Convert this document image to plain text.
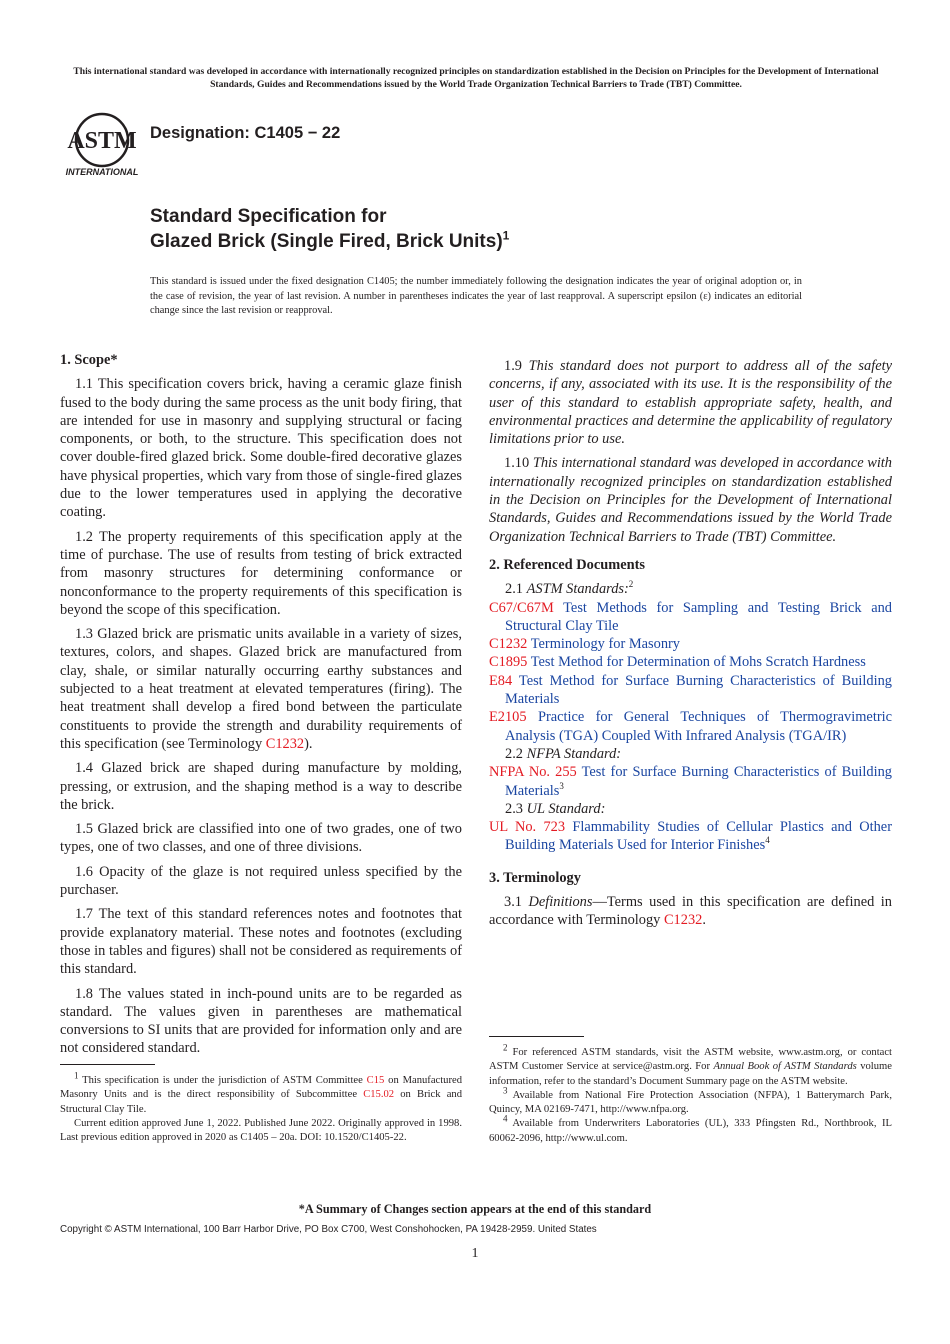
This international standard was developed in accordance with internationally recognized principles on standardization established in the Decision on Principles for the Development of International Standards, Guides and Recommendations issued by the World Trade Organization Technical Barriers to Trade (TBT) Committee.
ASTM
INTERNATIONAL
Designation: C1405 − 22
Standard Specification for
Glazed Brick (Single Fired, Brick Units)$^1$
This standard is issued under the fixed designation C1405; the number immediately following the designation indicates the year of original adoption or, in the case of revision, the year of last revision. A number in parentheses indicates the year of last reapproval. A superscript epsilon (ε) indicates an editorial change since the last revision or reapproval.
1. Scope*

1.1 This specification covers brick, having a ceramic glaze finish fused to the body during the same process as the unit body firing, that are intended for use in masonry and supplying structural or facing components, or both, to the structure. This specification does not cover double-fired glazed brick. Some double-fired decorative glazes have physical properties, which vary from those of single-fired glazes due to the lower temperatures used in applying the decorative coating.

1.2 The property requirements of this specification apply at the time of purchase. The use of results from testing of brick extracted from masonry structures for determining conformance or nonconformance to the property requirements of this specification is beyond the scope of this specification.

1.3 Glazed brick are prismatic units available in a variety of sizes, textures, colors, and shapes. Glazed brick are manufactured from clay, shale, or similar naturally occurring earthy substances and subjected to a heat treatment at elevated temperatures (firing). The heat treatment shall develop a fired bond between the particulate constituents to provide the strength and durability requirements of this specification (see Terminology C1232).

1.4 Glazed brick are shaped during manufacture by molding, pressing, or extrusion, and the shaping method is a way to describe the brick.

1.5 Glazed brick are classified into one of two grades, one of two types, one of two classes, and one of three divisions.

1.6 Opacity of the glaze is not required unless specified by the purchaser.

1.7 The text of this standard references notes and footnotes that provide explanatory material. These notes and footnotes (excluding those in tables and figures) shall not be considered as requirements of this standard.

1.8 The values stated in inch-pound units are to be regarded as standard. The values given in parentheses are mathematical conversions to SI units that are provided for information only and are not considered standard.

1.9 This standard does not purport to address all of the safety concerns, if any, associated with its use. It is the responsibility of the user of this standard to establish appropriate safety, health, and environmental practices and determine the applicability of regulatory limitations prior to use.

1.10 This international standard was developed in accordance with internationally recognized principles on standardization established in the Decision on Principles for the Development of International Standards, Guides and Recommendations issued by the World Trade Organization Technical Barriers to Trade (TBT) Committee.

2. Referenced Documents
2.1 ASTM Standards:$^2$
C67/C67M Test Methods for Sampling and Testing Brick and Structural Clay Tile
C1232 Terminology for Masonry
C1895 Test Method for Determination of Mohs Scratch Hardness
E84 Test Method for Surface Burning Characteristics of Building Materials
E2105 Practice for General Techniques of Thermogravimetric Analysis (TGA) Coupled With Infrared Analysis (TGA/IR)
2.2 NFPA Standard:
NFPA No. 255 Test for Surface Burning Characteristics of Building Materials$^3$
2.3 UL Standard:
UL No. 723 Flammability Studies of Cellular Plastics and Other Building Materials Used for Interior Finishes$^4$
3. Terminology

3.1 Definitions—Terms used in this specification are defined in accordance with Terminology C1232.

$^1$ This specification is under the jurisdiction of ASTM Committee C15 on Manufactured Masonry Units and is the direct responsibility of Subcommittee C15.02 on Brick and Structural Clay Tile.

Current edition approved June 1, 2022. Published June 2022. Originally approved in 1998. Last previous edition approved in 2020 as C1405 – 20a. DOI: 10.1520/C1405-22.

$^2$ For referenced ASTM standards, visit the ASTM website, www.astm.org, or contact ASTM Customer Service at service@astm.org. For Annual Book of ASTM Standards volume information, refer to the standard’s Document Summary page on the ASTM website.

$^3$ Available from National Fire Protection Association (NFPA), 1 Batterymarch Park, Quincy, MA 02169-7471, http://www.nfpa.org.

$^4$ Available from Underwriters Laboratories (UL), 333 Pfingsten Rd., Northbrook, IL 60062-2096, http://www.ul.com.

*A Summary of Changes section appears at the end of this standard
Copyright © ASTM International, 100 Barr Harbor Drive, PO Box C700, West Conshohocken, PA 19428-2959. United States
1
